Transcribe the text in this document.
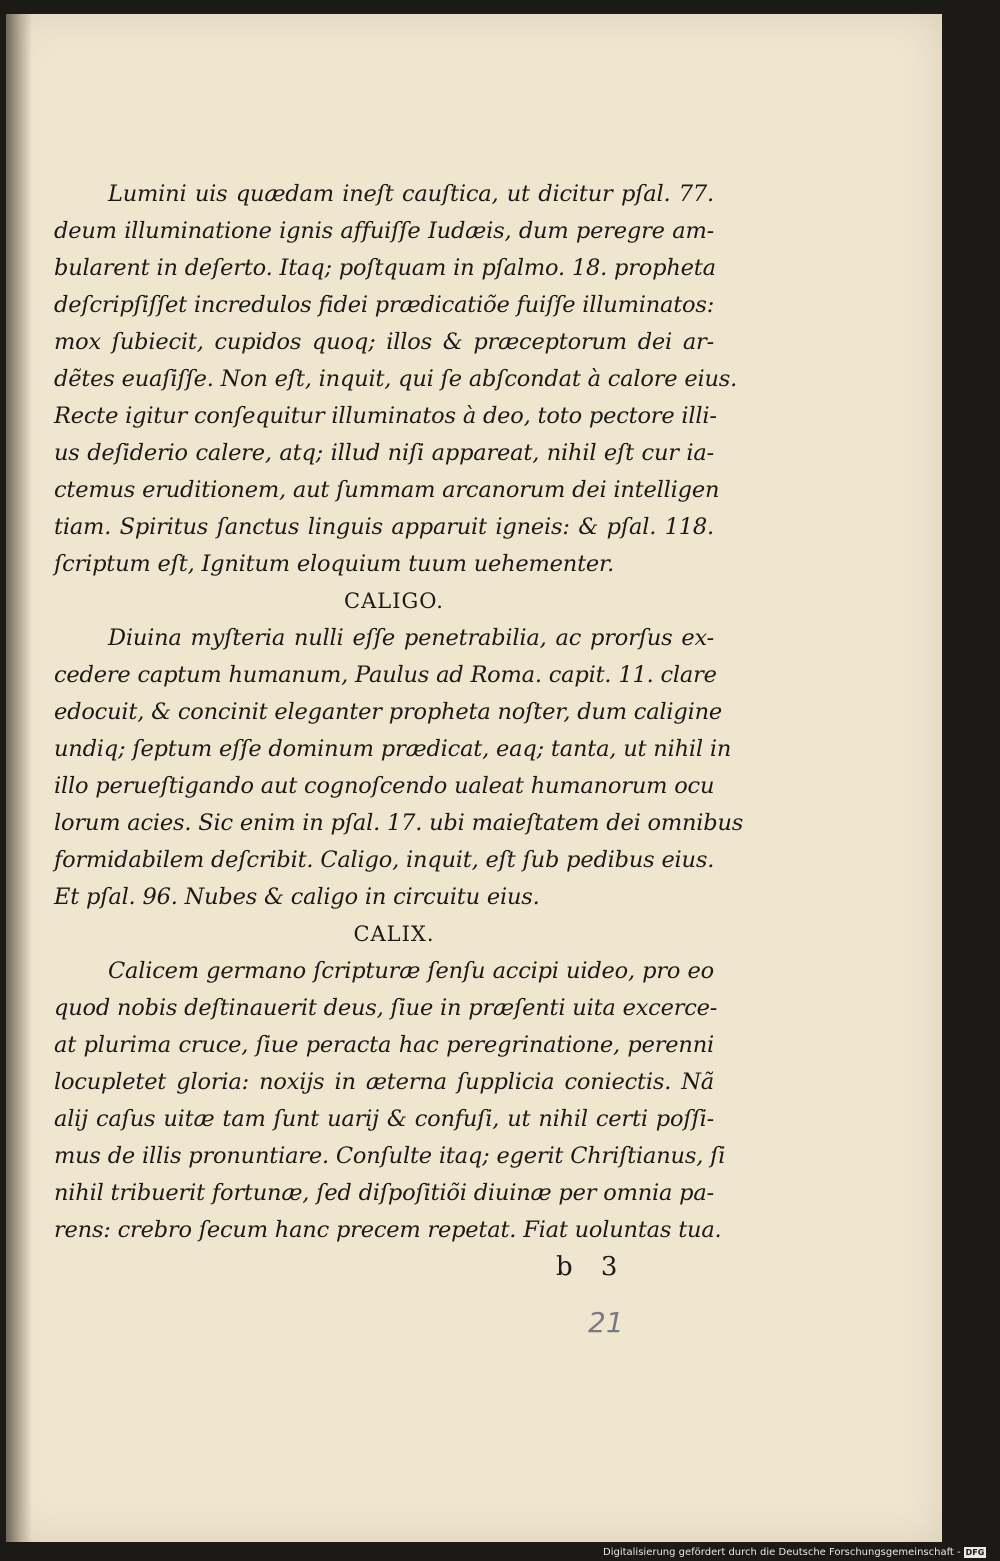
Lumini uis quædam ineſt cauſtica, ut dicitur pſal. 77.
deum illuminatione ignis affuiſſe Iudæis, dum peregre am-
bularent in deſerto. Itaq; poſtquam in pſalmo. 18. propheta
deſcripſiſſet incredulos fidei prædicatiõe fuiſſe illuminatos:
mox ſubiecit, cupidos quoq; illos & præceptorum dei ar-
dẽtes euaſiſſe. Non eſt, inquit, qui ſe abſcondat à calore eius.
Recte igitur conſequitur illuminatos à deo, toto pectore illi-
us deſiderio calere, atq; illud niſi appareat, nihil eſt cur ia-
ctemus eruditionem, aut ſummam arcanorum dei intelligen
tiam. Spiritus ſanctus linguis apparuit igneis: & pſal. 118.
ſcriptum eſt, Ignitum eloquium tuum uehementer.
CALIGO.
Diuina myſteria nulli eſſe penetrabilia, ac prorſus ex-
cedere captum humanum, Paulus ad Roma. capit. 11. clare
edocuit, & concinit eleganter propheta noſter, dum caligine
undiq; ſeptum eſſe dominum prædicat, eaq; tanta, ut nihil in
illo perueſtigando aut cognoſcendo ualeat humanorum ocu
lorum acies. Sic enim in pſal. 17. ubi maieſtatem dei omnibus
formidabilem deſcribit. Caligo, inquit, eſt ſub pedibus eius.
Et pſal. 96. Nubes & caligo in circuitu eius.
CALIX.
Calicem germano ſcripturæ ſenſu accipi uideo, pro eo
quod nobis deſtinauerit deus, ſiue in præſenti uita excerce-
at plurima cruce, ſiue peracta hac peregrinatione, perenni
locupletet gloria: noxijs in æterna ſupplicia coniectis. Nã
alij caſus uitæ tam ſunt uarij & confuſi, ut nihil certi poſſi-
mus de illis pronuntiare. Conſulte itaq; egerit Chriſtianus, ſi
nihil tribuerit fortunæ, ſed diſpoſitiõi diuinæ per omnia pa-
rens: crebro ſecum hanc precem repetat. Fiat uoluntas tua.
b 3
21
Digitalisierung gefördert durch die Deutsche Forschungsgemeinschaft - DFG
